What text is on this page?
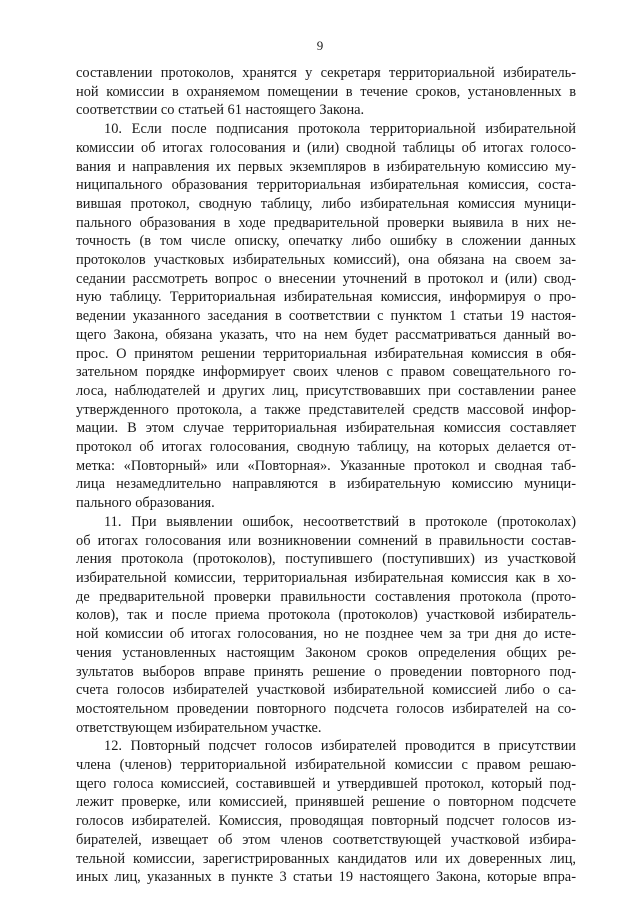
9
составлении протоколов, хранятся у секретаря территориальной избиратель-
ной комиссии в охраняемом помещении в течение сроков, установленных в
соответствии со статьей 61 настоящего Закона.
10. Если после подписания протокола территориальной избирательной
комиссии об итогах голосования и (или) сводной таблицы об итогах голосо-
вания и направления их первых экземпляров в избирательную комиссию му-
ниципального образования территориальная избирательная комиссия, соста-
вившая протокол, сводную таблицу, либо избирательная комиссия муници-
пального образования в ходе предварительной проверки выявила в них не-
точность (в том числе описку, опечатку либо ошибку в сложении данных
протоколов участковых избирательных комиссий), она обязана на своем за-
седании рассмотреть вопрос о внесении уточнений в протокол и (или) свод-
ную таблицу. Территориальная избирательная комиссия, информируя о про-
ведении указанного заседания в соответствии с пунктом 1 статьи 19 настоя-
щего Закона, обязана указать, что на нем будет рассматриваться данный во-
прос. О принятом решении территориальная избирательная комиссия в обя-
зательном порядке информирует своих членов с правом совещательного го-
лоса, наблюдателей и других лиц, присутствовавших при составлении ранее
утвержденного протокола, а также представителей средств массовой инфор-
мации. В этом случае территориальная избирательная комиссия составляет
протокол об итогах голосования, сводную таблицу, на которых делается от-
метка: «Повторный» или «Повторная». Указанные протокол и сводная таб-
лица незамедлительно направляются в избирательную комиссию муници-
пального образования.
11. При выявлении ошибок, несоответствий в протоколе (протоколах)
об итогах голосования или возникновении сомнений в правильности состав-
ления протокола (протоколов), поступившего (поступивших) из участковой
избирательной комиссии, территориальная избирательная комиссия как в хо-
де предварительной проверки правильности составления протокола (прото-
колов), так и после приема протокола (протоколов) участковой избиратель-
ной комиссии об итогах голосования, но не позднее чем за три дня до исте-
чения установленных настоящим Законом сроков определения общих ре-
зультатов выборов вправе принять решение о проведении повторного под-
счета голосов избирателей участковой избирательной комиссией либо о са-
мостоятельном проведении повторного подсчета голосов избирателей на со-
ответствующем избирательном участке.
12. Повторный подсчет голосов избирателей проводится в присутствии
члена (членов) территориальной избирательной комиссии с правом решаю-
щего голоса комиссией, составившей и утвердившей протокол, который под-
лежит проверке, или комиссией, принявшей решение о повторном подсчете
голосов избирателей. Комиссия, проводящая повторный подсчет голосов из-
бирателей, извещает об этом членов соответствующей участковой избира-
тельной комиссии, зарегистрированных кандидатов или их доверенных лиц,
иных лиц, указанных в пункте 3 статьи 19 настоящего Закона, которые впра-
